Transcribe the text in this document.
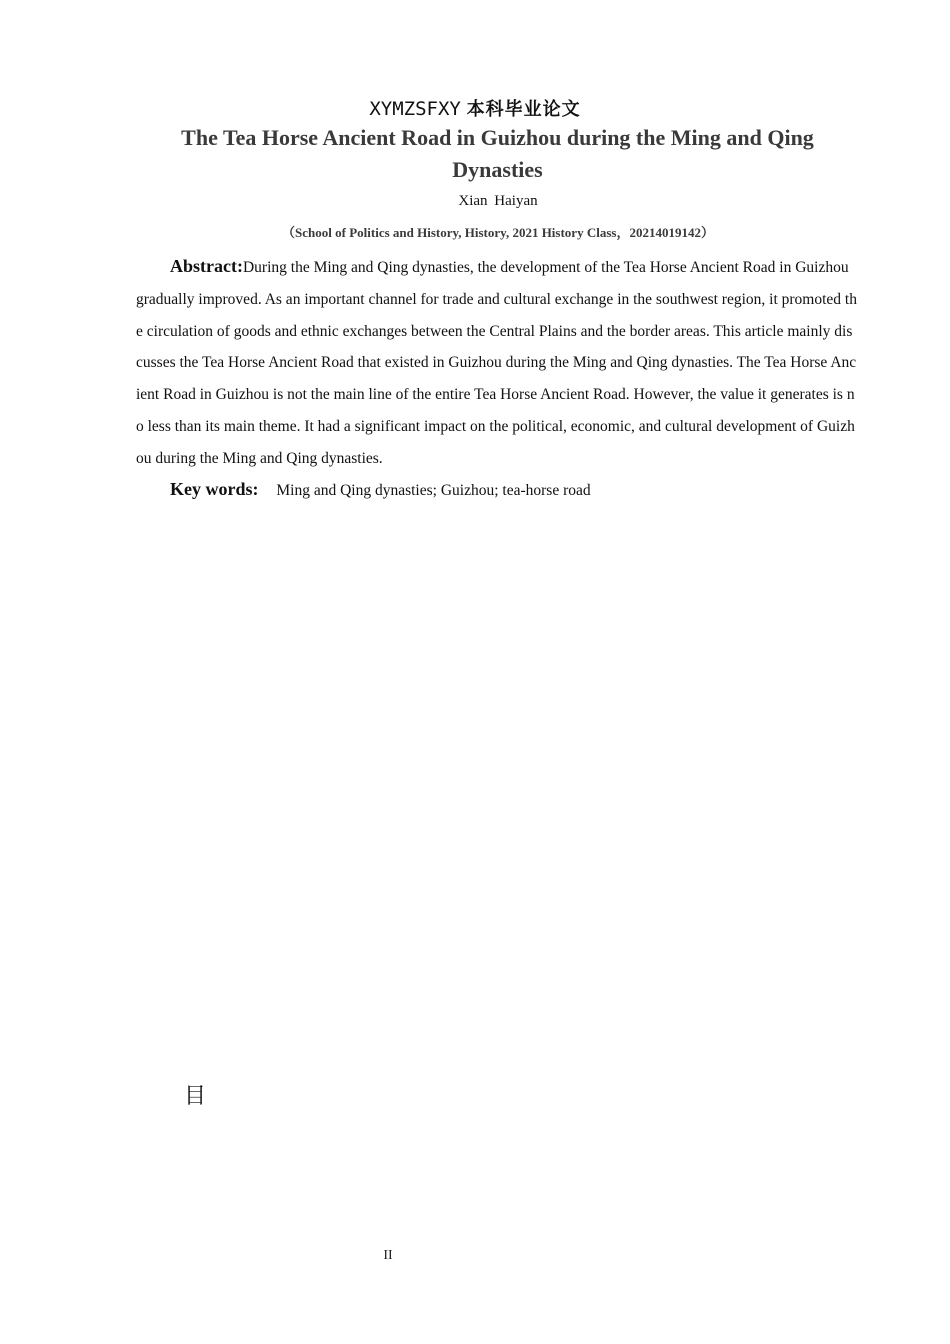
XYMZSFXY 本科毕业论文
The Tea Horse Ancient Road in Guizhou during the Ming and Qing Dynasties
Xian Haiyan
（School of Politics and History, History, 2021 History Class，20214019142）

Abstract:During the Ming and Qing dynasties, the development of the Tea Horse Ancient Road in Guizhou gradually improved. As an important channel for trade and cultural exchange in the southwest region, it promoted the circulation of goods and ethnic exchanges between the Central Plains and the border areas. This article mainly discusses the Tea Horse Ancient Road that existed in Guizhou during the Ming and Qing dynasties. The Tea Horse Ancient Road in Guizhou is not the main line of the entire Tea Horse Ancient Road. However, the value it generates is no less than its main theme. It had a significant impact on the political, economic, and cultural development of Guizhou during the Ming and Qing dynasties.

Key words: Ming and Qing dynasties; Guizhou; tea-horse road
目
II
